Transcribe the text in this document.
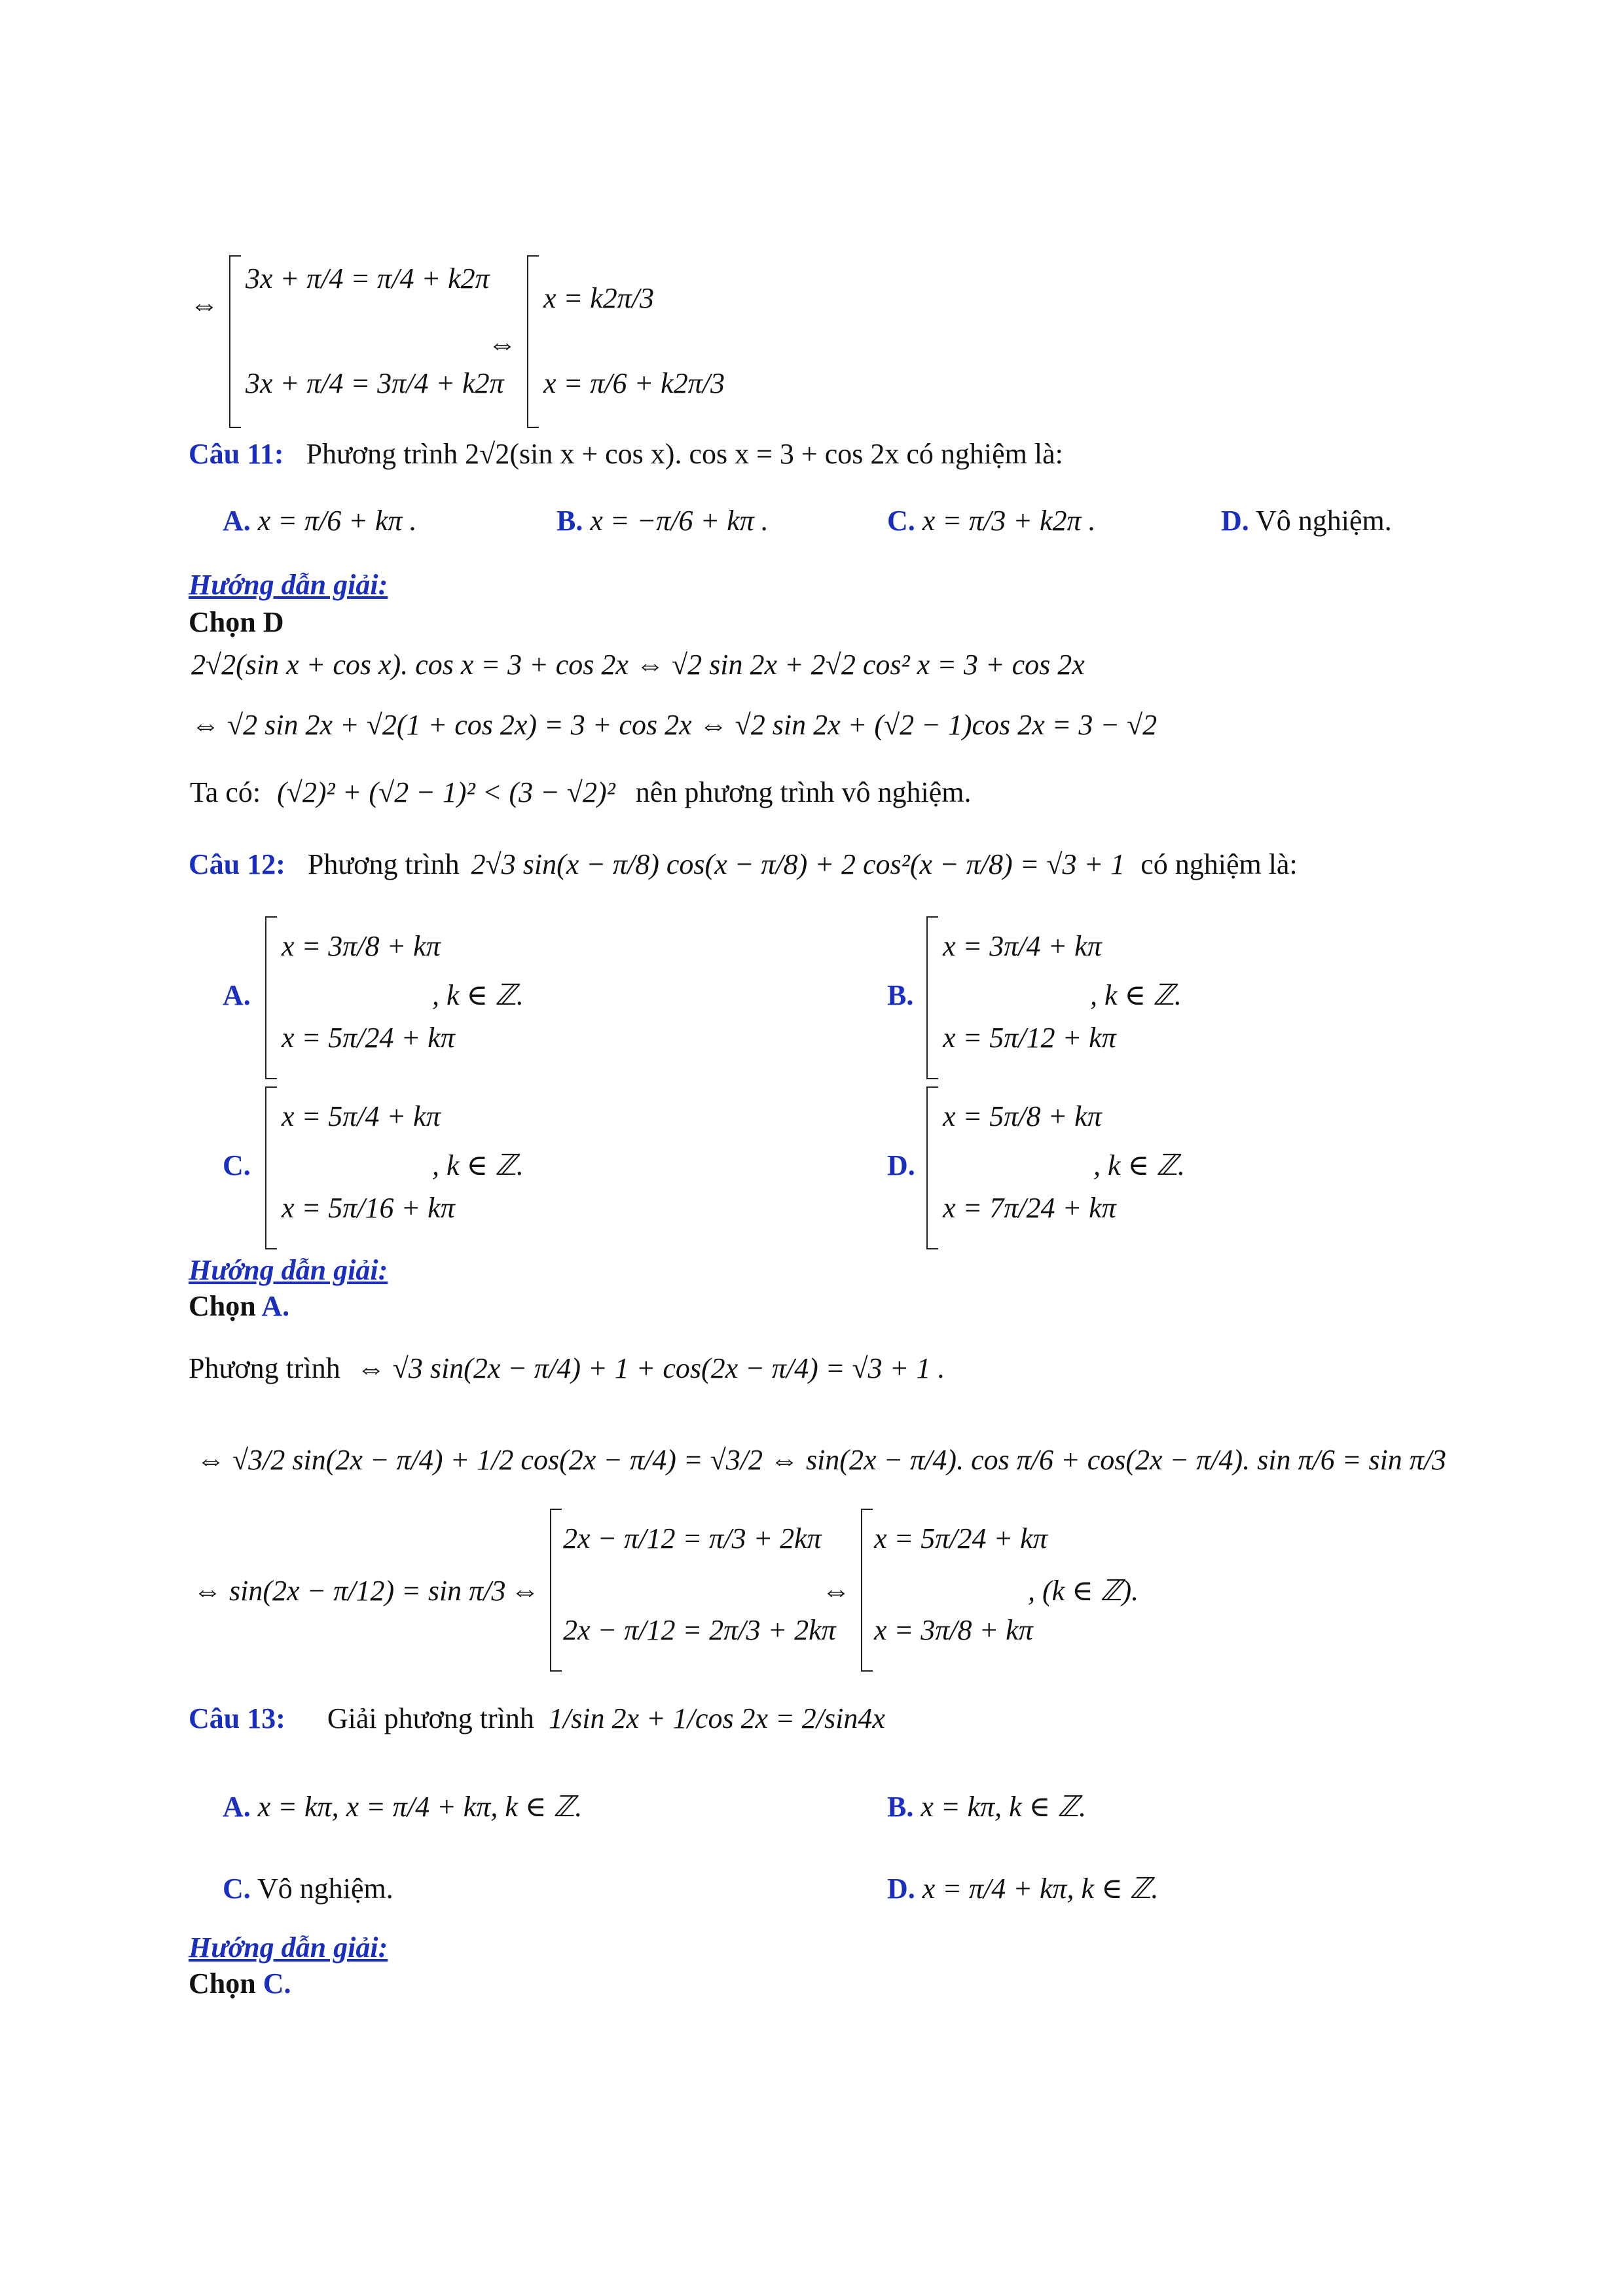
⇔
3x + π/4 = π/4 + k2π
3x + π/4 = 3π/4 + k2π
⇔
x = k2π/3
x = π/6 + k2π/3
Câu 11: Phương trình 2√2(sin x + cos x). cos x = 3 + cos 2x có nghiệm là:
A. x = π/6 + kπ .	B. x = −π/6 + kπ .	C. x = π/3 + k2π .	D. Vô nghiệm.
Hướng dẫn giải:
Chọn D
2√2(sin x + cos x). cos x = 3 + cos 2x ⇔ √2 sin 2x + 2√2 cos² x = 3 + cos 2x
⇔ √2 sin 2x + √2(1 + cos 2x) = 3 + cos 2x ⇔ √2 sin 2x + (√2 − 1)cos 2x = 3 − √2
Ta có: (√2)² + (√2 − 1)² < (3 − √2)² nên phương trình vô nghiệm.
Câu 12: Phương trình 2√3 sin(x − π/8) cos(x − π/8) + 2 cos²(x − π/8) = √3 + 1 có nghiệm là:
A.
x = 3π/8 + kπ
x = 5π/24 + kπ
, k ∈ ℤ.	B.
x = 3π/4 + kπ
x = 5π/12 + kπ
, k ∈ ℤ.
C.
x = 5π/4 + kπ
x = 5π/16 + kπ
, k ∈ ℤ.	D.
x = 5π/8 + kπ
x = 7π/24 + kπ
, k ∈ ℤ.
Hướng dẫn giải:
Chọn A.
Phương trình ⇔ √3 sin(2x − π/4) + 1 + cos(2x − π/4) = √3 + 1 .
⇔ √3/2 sin(2x − π/4) + 1/2 cos(2x − π/4) = √3/2 ⇔ sin(2x − π/4). cos π/6 + cos(2x − π/4). sin π/6 = sin π/3
⇔ sin(2x − π/12) = sin π/3 ⇔
2x − π/12 = π/3 + 2kπ
2x − π/12 = 2π/3 + 2kπ
⇔
x = 5π/24 + kπ
x = 3π/8 + kπ
, (k ∈ ℤ).
Câu 13: Giải phương trình 1/sin 2x + 1/cos 2x = 2/sin4x
A. x = kπ, x = π/4 + kπ, k ∈ ℤ.	B. x = kπ, k ∈ ℤ.
C. Vô nghiệm.	D. x = π/4 + kπ, k ∈ ℤ.
Hướng dẫn giải:
Chọn C.
